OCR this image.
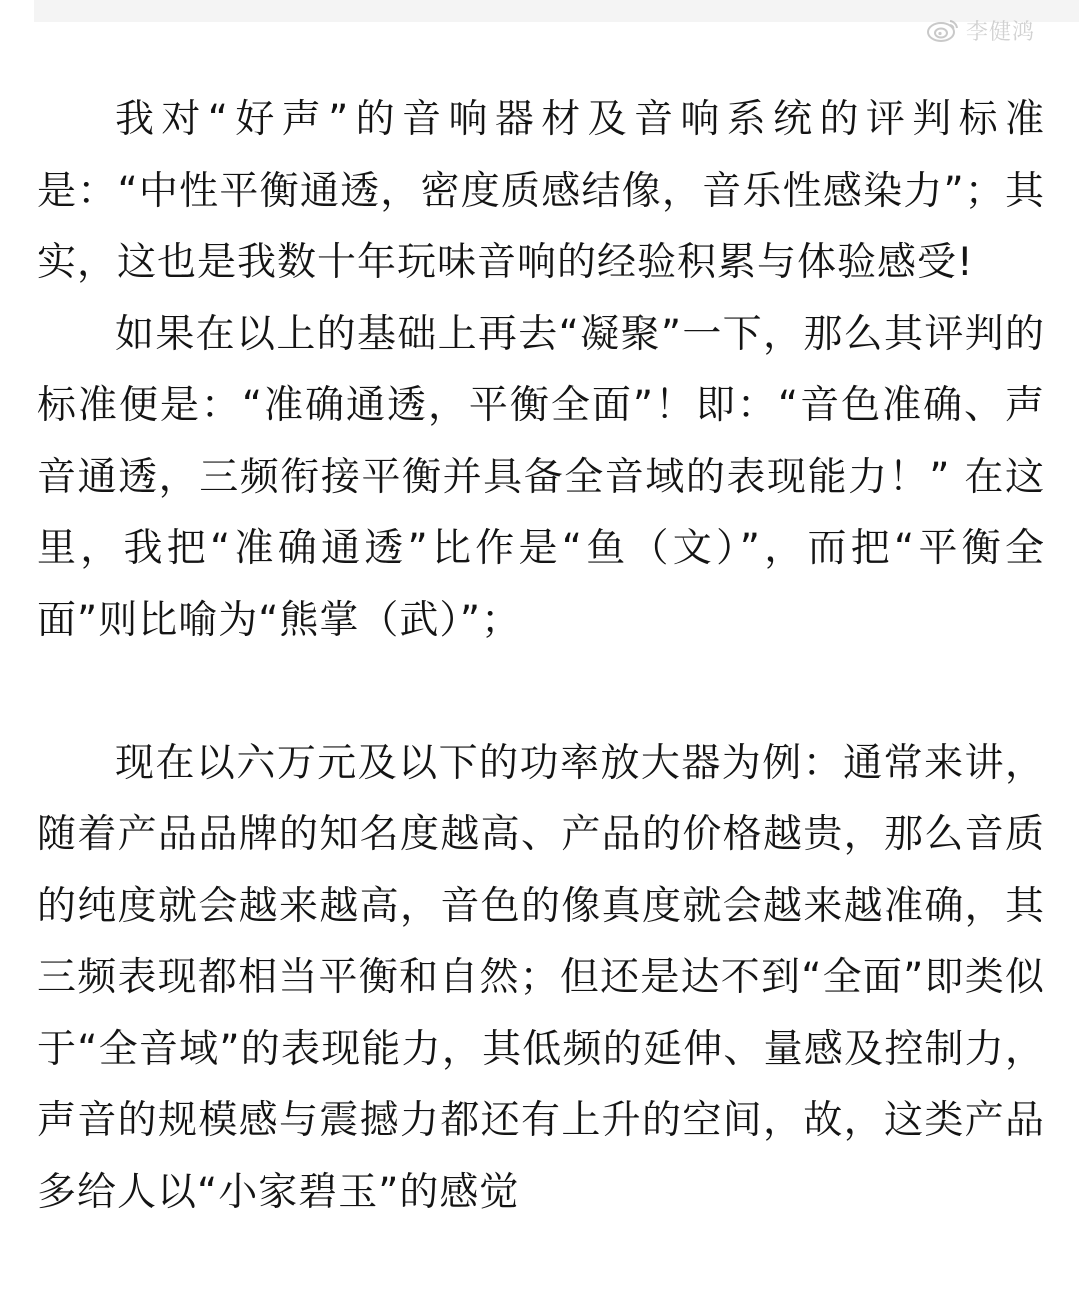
李健鸿

我对“好声”的音响器材及音响系统的评判标准是：“中性平衡通透，密度质感结像，音乐性感染力”；其实，这也是我数十年玩味音响的经验积累与体验感受!

如果在以上的基础上再去“凝聚”一下，那么其评判的标准便是：“准确通透，平衡全面”！即：“音色准确、声音通透，三频衔接平衡并具备全音域的表现能力！” 在这里，我把“准确通透”比作是“鱼（文）”，而把“平衡全面”则比喻为“熊掌（武）”；

现在以六万元及以下的功率放大器为例：通常来讲，随着产品品牌的知名度越高、产品的价格越贵，那么音质的纯度就会越来越高，音色的像真度就会越来越准确，其三频表现都相当平衡和自然；但还是达不到“全面”即类似于“全音域”的表现能力，其低频的延伸、量感及控制力，声音的规模感与震撼力都还有上升的空间，故，这类产品多给人以“小家碧玉”的感觉
